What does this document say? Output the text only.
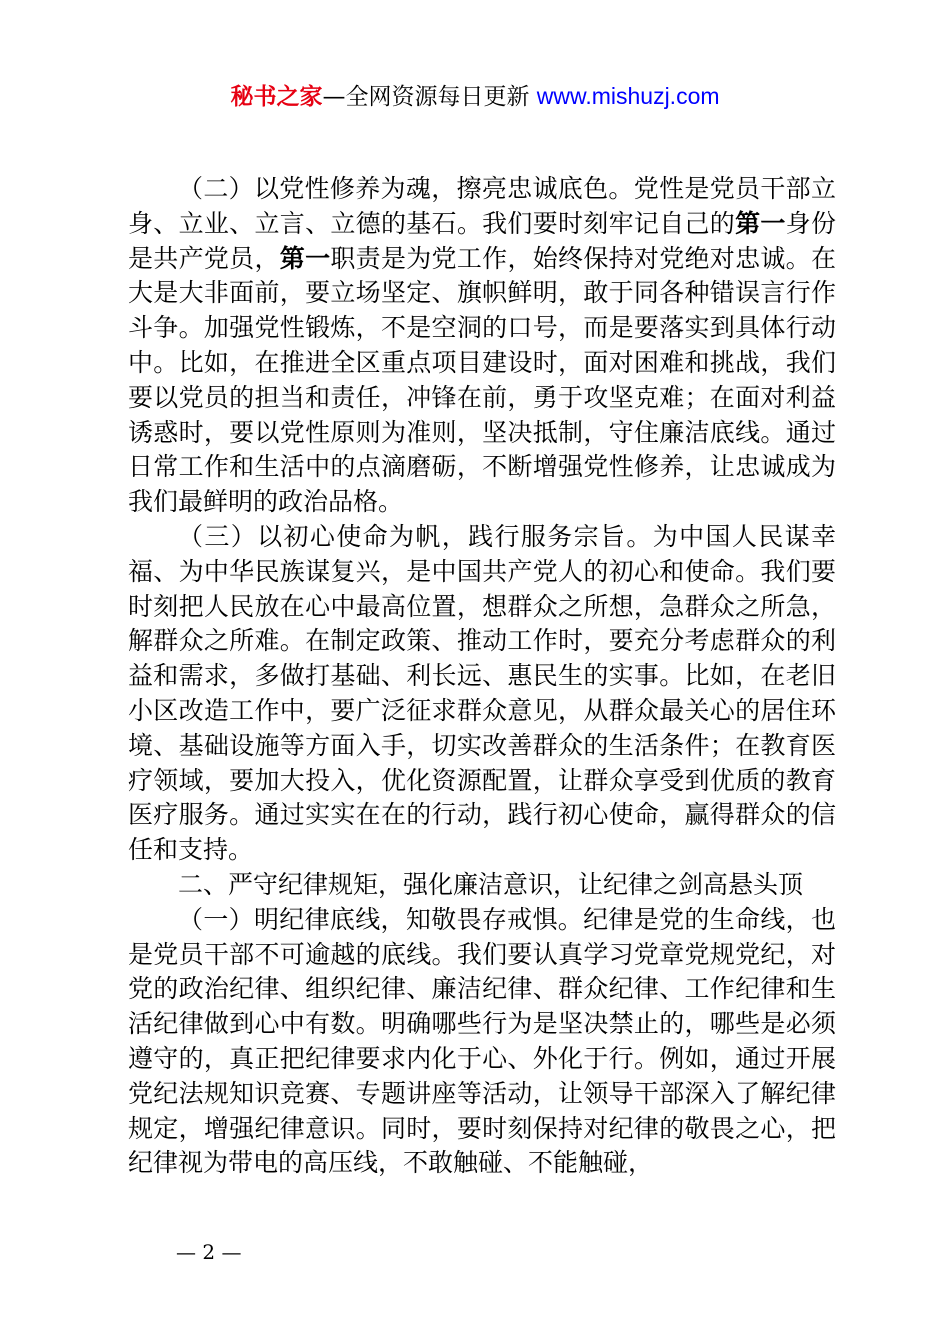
秘书之家—全网资源每日更新 www.mishuzj.com

（二）以党性修养为魂，擦亮忠诚底色。党性是党员干部立身、立业、立言、立德的基石。我们要时刻牢记自己的第一身份是共产党员，第一职责是为党工作，始终保持对党绝对忠诚。在大是大非面前，要立场坚定、旗帜鲜明，敢于同各种错误言行作斗争。加强党性锻炼，不是空洞的口号，而是要落实到具体行动中。比如，在推进全区重点项目建设时，面对困难和挑战，我们要以党员的担当和责任，冲锋在前，勇于攻坚克难；在面对利益诱惑时，要以党性原则为准则，坚决抵制，守住廉洁底线。通过日常工作和生活中的点滴磨砺，不断增强党性修养，让忠诚成为我们最鲜明的政治品格。

（三）以初心使命为帆，践行服务宗旨。为中国人民谋幸福、为中华民族谋复兴，是中国共产党人的初心和使命。我们要时刻把人民放在心中最高位置，想群众之所想，急群众之所急，解群众之所难。在制定政策、推动工作时，要充分考虑群众的利益和需求，多做打基础、利长远、惠民生的实事。比如，在老旧小区改造工作中，要广泛征求群众意见，从群众最关心的居住环境、基础设施等方面入手，切实改善群众的生活条件；在教育医疗领域，要加大投入，优化资源配置，让群众享受到优质的教育医疗服务。通过实实在在的行动，践行初心使命，赢得群众的信任和支持。

二、严守纪律规矩，强化廉洁意识，让纪律之剑高悬头顶

（一）明纪律底线，知敬畏存戒惧。纪律是党的生命线，也是党员干部不可逾越的底线。我们要认真学习党章党规党纪，对党的政治纪律、组织纪律、廉洁纪律、群众纪律、工作纪律和生活纪律做到心中有数。明确哪些行为是坚决禁止的，哪些是必须遵守的，真正把纪律要求内化于心、外化于行。例如，通过开展党纪法规知识竞赛、专题讲座等活动，让领导干部深入了解纪律规定，增强纪律意识。同时，要时刻保持对纪律的敬畏之心，把纪律视为带电的高压线，不敢触碰、不能触碰，

— 2 —
